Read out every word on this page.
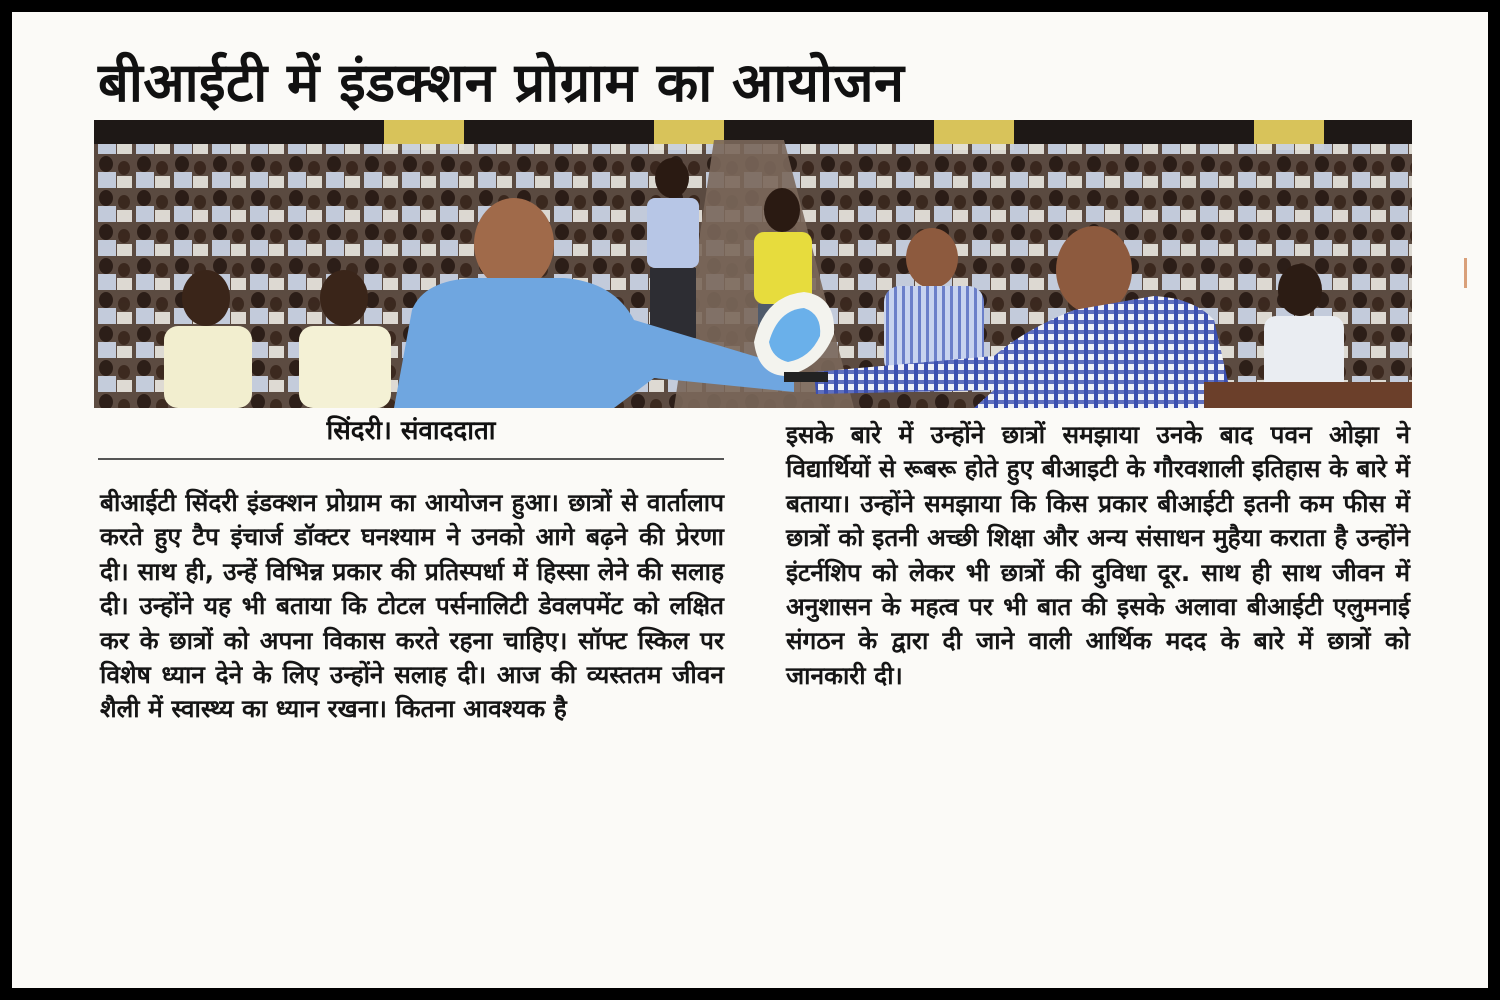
बीआईटी में इंडक्शन प्रोग्राम का आयोजन
सिंदरी। संवाददाता

बीआईटी सिंदरी इंडक्शन प्रोग्राम का आयोजन हुआ। छात्रों से वार्तालाप करते हुए टैप इंचार्ज डॉक्टर घनश्याम ने उनको आगे बढ़ने की प्रेरणा दी। साथ ही, उन्हें विभिन्न प्रकार की प्रतिस्पर्धा में हिस्सा लेने की सलाह दी। उन्होंने यह भी बताया कि टोटल पर्सनालिटी डेवलपमेंट को लक्षित कर के छात्रों को अपना विकास करते रहना चाहिए। सॉफ्ट स्किल पर विशेष ध्यान देने के लिए उन्होंने सलाह दी। आज की व्यस्ततम जीवन शैली में स्वास्थ्य का ध्यान रखना। कितना आवश्यक है

इसके बारे में उन्होंने छात्रों समझाया उनके बाद पवन ओझा ने विद्यार्थियों से रूबरू होते हुए बीआइटी के गौरवशाली इतिहास के बारे में बताया। उन्होंने समझाया कि किस प्रकार बीआईटी इतनी कम फीस में छात्रों को इतनी अच्छी शिक्षा और अन्य संसाधन मुहैया कराता है उन्होंने इंटर्नशिप को लेकर भी छात्रों की दुविधा दूर. साथ ही साथ जीवन में अनुशासन के महत्व पर भी बात की इसके अलावा बीआईटी एलुमनाई संगठन के द्वारा दी जाने वाली आर्थिक मदद के बारे में छात्रों को जानकारी दी।
